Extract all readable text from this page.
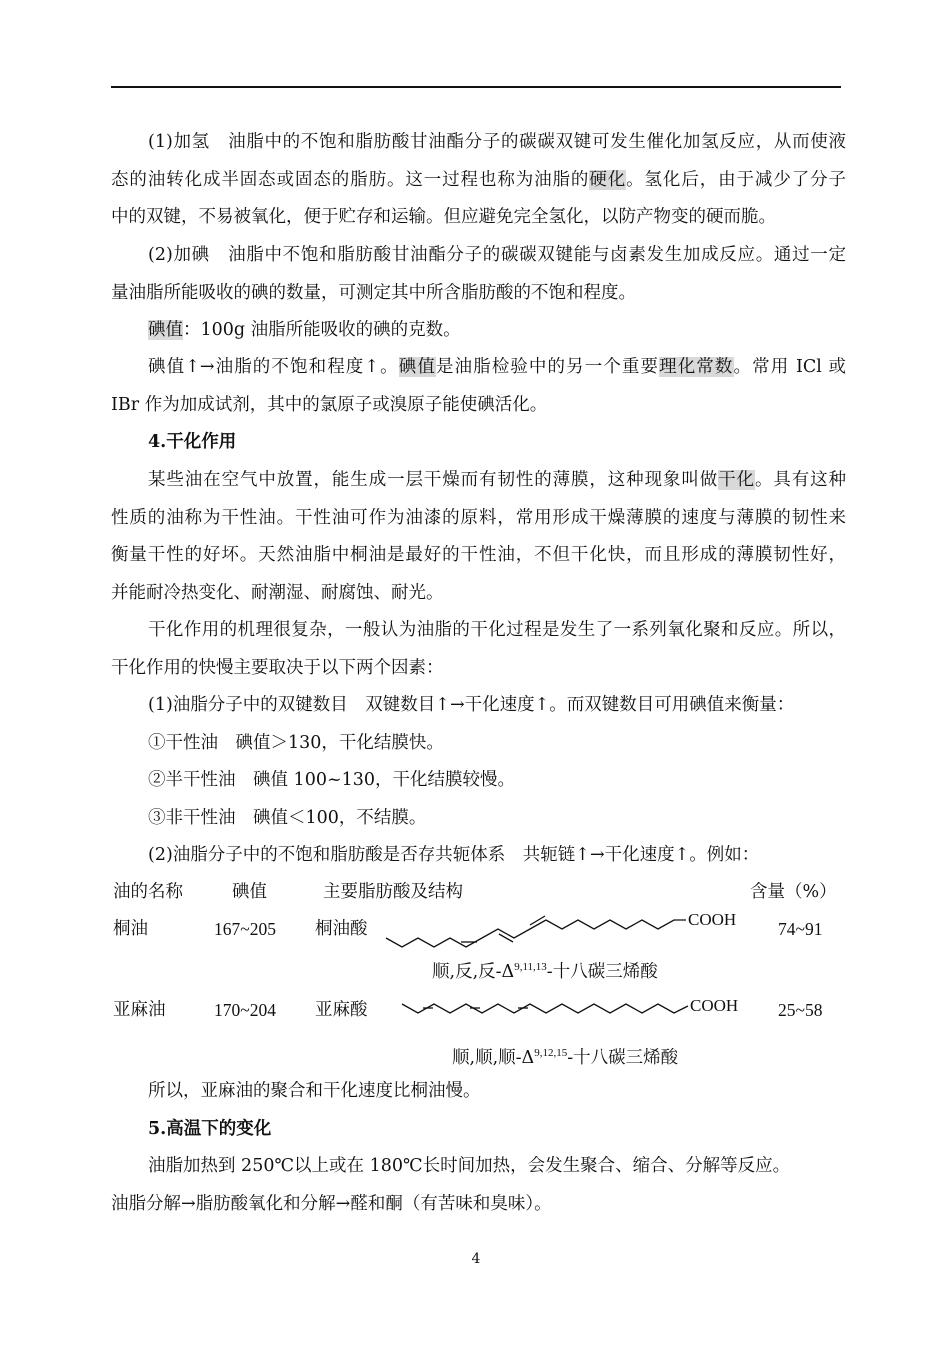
(1)加氢　油脂中的不饱和脂肪酸甘油酯分子的碳碳双键可发生催化加氢反应，从而使液
态的油转化成半固态或固态的脂肪。这一过程也称为油脂的硬化。氢化后，由于减少了分子
中的双键，不易被氧化，便于贮存和运输。但应避免完全氢化，以防产物变的硬而脆。
(2)加碘　油脂中不饱和脂肪酸甘油酯分子的碳碳双键能与卤素发生加成反应。通过一定
量油脂所能吸收的碘的数量，可测定其中所含脂肪酸的不饱和程度。
碘值：100g 油脂所能吸收的碘的克数。
碘值↑→油脂的不饱和程度↑。碘值是油脂检验中的另一个重要理化常数。常用 ICl 或
IBr 作为加成试剂，其中的氯原子或溴原子能使碘活化。
4.干化作用
某些油在空气中放置，能生成一层干燥而有韧性的薄膜，这种现象叫做干化。具有这种
性质的油称为干性油。干性油可作为油漆的原料，常用形成干燥薄膜的速度与薄膜的韧性来
衡量干性的好坏。天然油脂中桐油是最好的干性油，不但干化快，而且形成的薄膜韧性好，
并能耐冷热变化、耐潮湿、耐腐蚀、耐光。
干化作用的机理很复杂，一般认为油脂的干化过程是发生了一系列氧化聚和反应。所以，
干化作用的快慢主要取决于以下两个因素：
(1)油脂分子中的双键数目　双键数目↑→干化速度↑。而双键数目可用碘值来衡量：
①干性油　碘值＞130，干化结膜快。
②半干性油　碘值 100~130，干化结膜较慢。
③非干性油　碘值＜100，不结膜。
(2)油脂分子中的不饱和脂肪酸是否存共轭体系　共轭链↑→干化速度↑。例如：
油的名称	碘值	主要脂肪酸及结构	含量（%）
桐油	167~205 桐油酸	COOH 74~91
顺,反,反$-\Delta^{9,11,13}-$十八碳三烯酸
亚麻油	170~204 亚麻酸	COOH 25~58
顺,顺,顺$-\Delta^{9,12,15}-$十八碳三烯酸
所以，亚麻油的聚合和干化速度比桐油慢。
5.高温下的变化
油脂加热到 250℃以上或在 180℃长时间加热，会发生聚合、缩合、分解等反应。
油脂分解→脂肪酸氧化和分解→醛和酮（有苦味和臭味）。
4
